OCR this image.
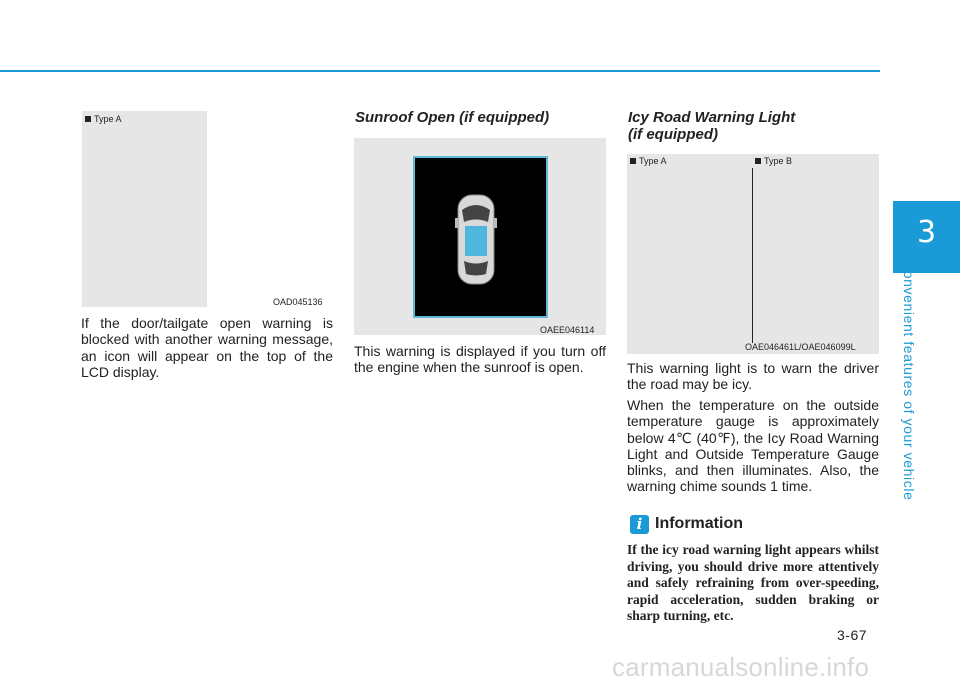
3
Convenient features of your vehicle
Type A
OAD045136

If the door/tailgate open warning is blocked with another warning message, an icon will appear on the top of the LCD display.

Sunroof Open (if equipped)
OAEE046114

This warning is displayed if you turn off the engine when the sunroof is open.

Icy Road Warning Light
(if equipped)
Type A	Type B
OAE046461L/OAE046099L

This warning light is to warn the driver the road may be icy.

When the temperature on the outside temperature gauge is approximately below 4℃ (40℉), the Icy Road Warning Light and Outside Temperature Gauge blinks, and then illuminates. Also, the warning chime sounds 1 time.

i Information

If the icy road warning light appears whilst driving, you should drive more attentively and safely refraining from over-speeding, rapid acceleration, sudden braking or sharp turning, etc.

3-67
carmanualsonline.info
